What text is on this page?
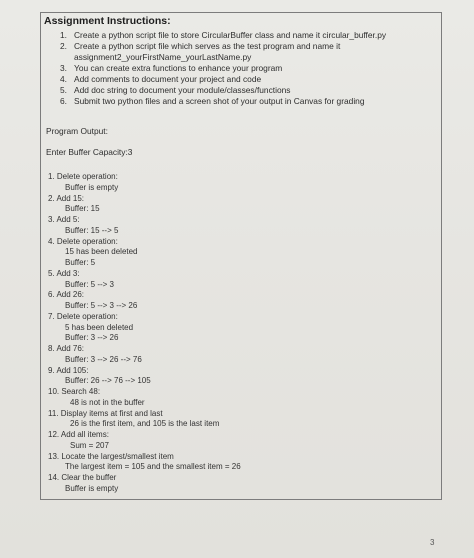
Assignment Instructions:
1. Create a python script file to store CircularBuffer class and name it circular_buffer.py
2. Create a python script file which serves as the test program and name it
assignment2_yourFirstName_yourLastName.py
3. You can create extra functions to enhance your program
4. Add comments to document your project and code
5. Add doc string to document your module/classes/functions
6. Submit two python files and a screen shot of your output in Canvas for grading
Program Output:
Enter Buffer Capacity:3
1. Delete operation:
Buffer is empty
2. Add 15:
Buffer: 15
3. Add 5:
Buffer: 15 --> 5
4. Delete operation:
15 has been deleted
Buffer: 5
5. Add 3:
Buffer: 5 --> 3
6. Add 26:
Buffer: 5 --> 3 --> 26
7. Delete operation:
5 has been deleted
Buffer: 3 --> 26
8. Add 76:
Buffer: 3 --> 26 --> 76
9. Add 105:
Buffer: 26 --> 76 --> 105
10. Search 48:
48 is not in the buffer
11. Display items at first and last
26 is the first item, and 105 is the last item
12. Add all items:
Sum = 207
13. Locate the largest/smallest item
The largest item = 105 and the smallest item = 26
14. Clear the buffer
Buffer is empty
3
